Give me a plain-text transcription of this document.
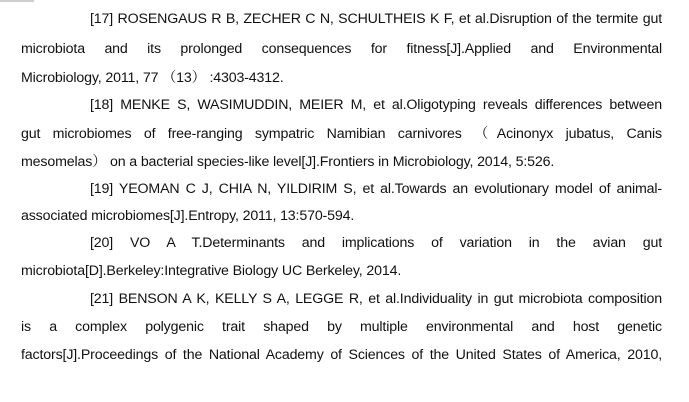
[17] ROSENGAUS R B, ZECHER C N, SCHULTHEIS K F, et al.Disruption of the termite gut
microbiota and its prolonged consequences for fitness[J].Applied and Environmental
Microbiology, 2011, 77 （13） :4303-4312.
[18] MENKE S, WASIMUDDIN, MEIER M, et al.Oligotyping reveals differences between
gut microbiomes of free-ranging sympatric Namibian carnivores （Acinonyx jubatus, Canis
mesomelas） on a bacterial species-like level[J].Frontiers in Microbiology, 2014, 5:526.
[19] YEOMAN C J, CHIA N, YILDIRIM S, et al.Towards an evolutionary model of animal-
associated microbiomes[J].Entropy, 2011, 13:570-594.
[20] VO A T.Determinants and implications of variation in the avian gut
microbiota[D].Berkeley:Integrative Biology UC Berkeley, 2014.
[21] BENSON A K, KELLY S A, LEGGE R, et al.Individuality in gut microbiota composition
is a complex polygenic trait shaped by multiple environmental and host genetic
factors[J].Proceedings of the National Academy of Sciences of the United States of America, 2010,
